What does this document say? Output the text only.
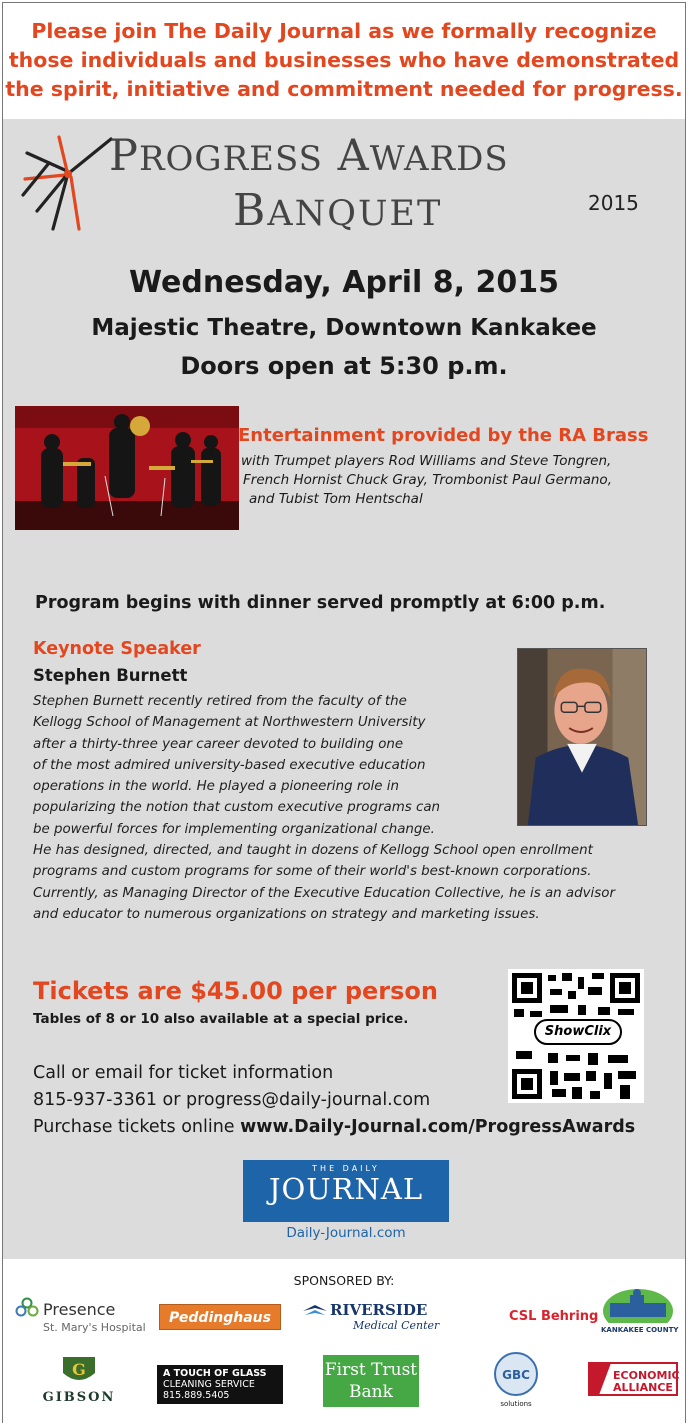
Please join The Daily Journal as we formally recognize
those individuals and businesses who have demonstrated
the spirit, initiative and commitment needed for progress.
PROGRESS AWARDS
BANQUET	2015
Wednesday, April 8, 2015
Majestic Theatre, Downtown Kankakee
Doors open at 5:30 p.m.
Entertainment provided by the RA Brass
with Trumpet players Rod Williams and Steve Tongren,
French Hornist Chuck Gray, Trombonist Paul Germano,
and Tubist Tom Hentschal
Program begins with dinner served promptly at 6:00 p.m.
Keynote Speaker
Stephen Burnett
Stephen Burnett recently retired from the faculty of the
Kellogg School of Management at Northwestern University
after a thirty-three year career devoted to building one
of the most admired university-based executive education
operations in the world. He played a pioneering role in
popularizing the notion that custom executive programs can
be powerful forces for implementing organizational change.
He has designed, directed, and taught in dozens of Kellogg School open enrollment
programs and custom programs for some of their world's best-known corporations.
Currently, as Managing Director of the Executive Education Collective, he is an advisor
and educator to numerous organizations on strategy and marketing issues.
Tickets are $45.00 per person
Tables of 8 or 10 also available at a special price.
Call or email for ticket information
815-937-3361 or progress@daily-journal.com
Purchase tickets online www.Daily-Journal.com/ProgressAwards
ShowClix
THE DAILY
JOURNAL
Daily-Journal.com
SPONSORED BY:
Presence
St. Mary's Hospital
Peddinghaus	RIVERSIDE
Medical Center
CSL Behring
KANKAKEE COUNTY
G
GIBSON
A TOUCH OF GLASS
CLEANING SERVICE
815.889.5405
First Trust
Bank
GBC
solutions
ECONOMIC
ALLIANCE
